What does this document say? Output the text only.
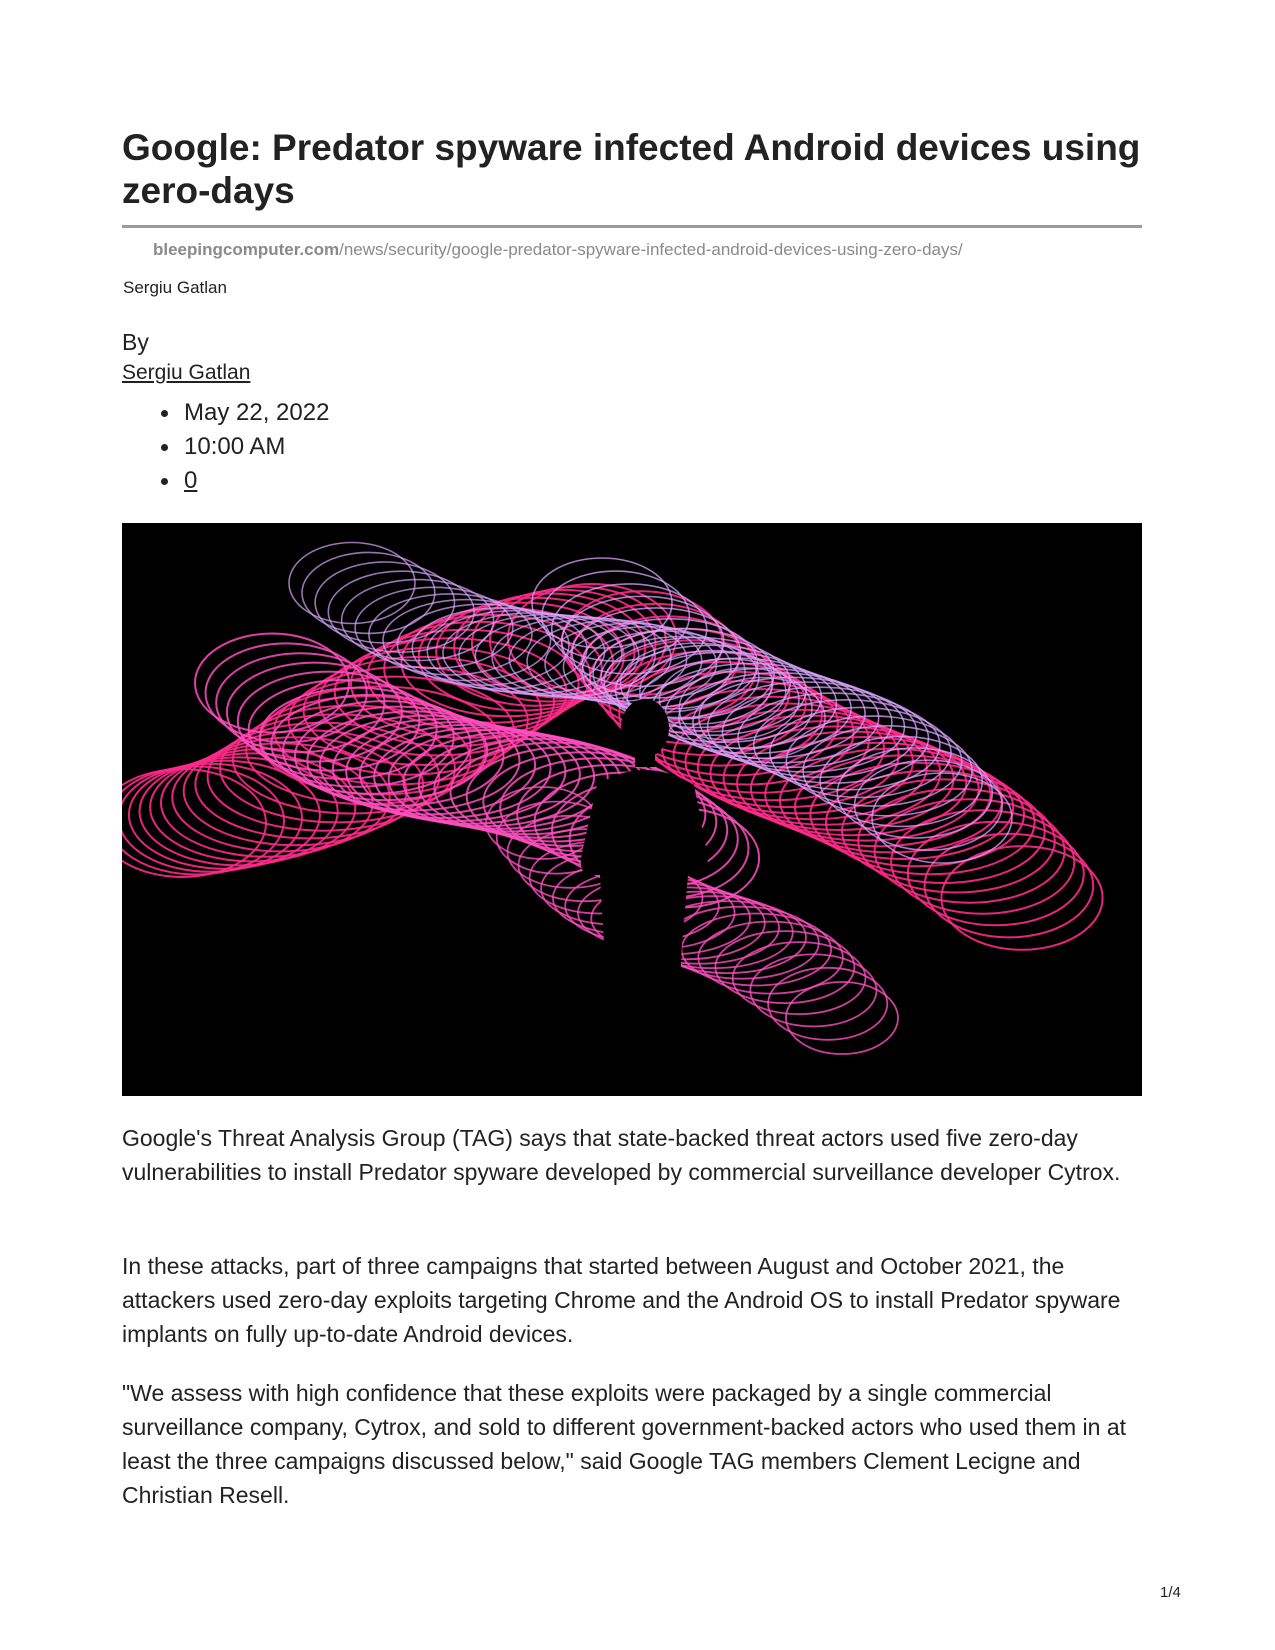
Google: Predator spyware infected Android devices using zero-days
bleepingcomputer.com/news/security/google-predator-spyware-infected-android-devices-using-zero-days/
Sergiu Gatlan
By
Sergiu Gatlan
May 22, 2022
10:00 AM
0

Google's Threat Analysis Group (TAG) says that state-backed threat actors used five zero-day vulnerabilities to install Predator spyware developed by commercial surveillance developer Cytrox.

In these attacks, part of three campaigns that started between August and October 2021, the attackers used zero-day exploits targeting Chrome and the Android OS to install Predator spyware implants on fully up-to-date Android devices.

"We assess with high confidence that these exploits were packaged by a single commercial surveillance company, Cytrox, and sold to different government-backed actors who used them in at least the three campaigns discussed below," said Google TAG members Clement Lecigne and Christian Resell.

1/4
